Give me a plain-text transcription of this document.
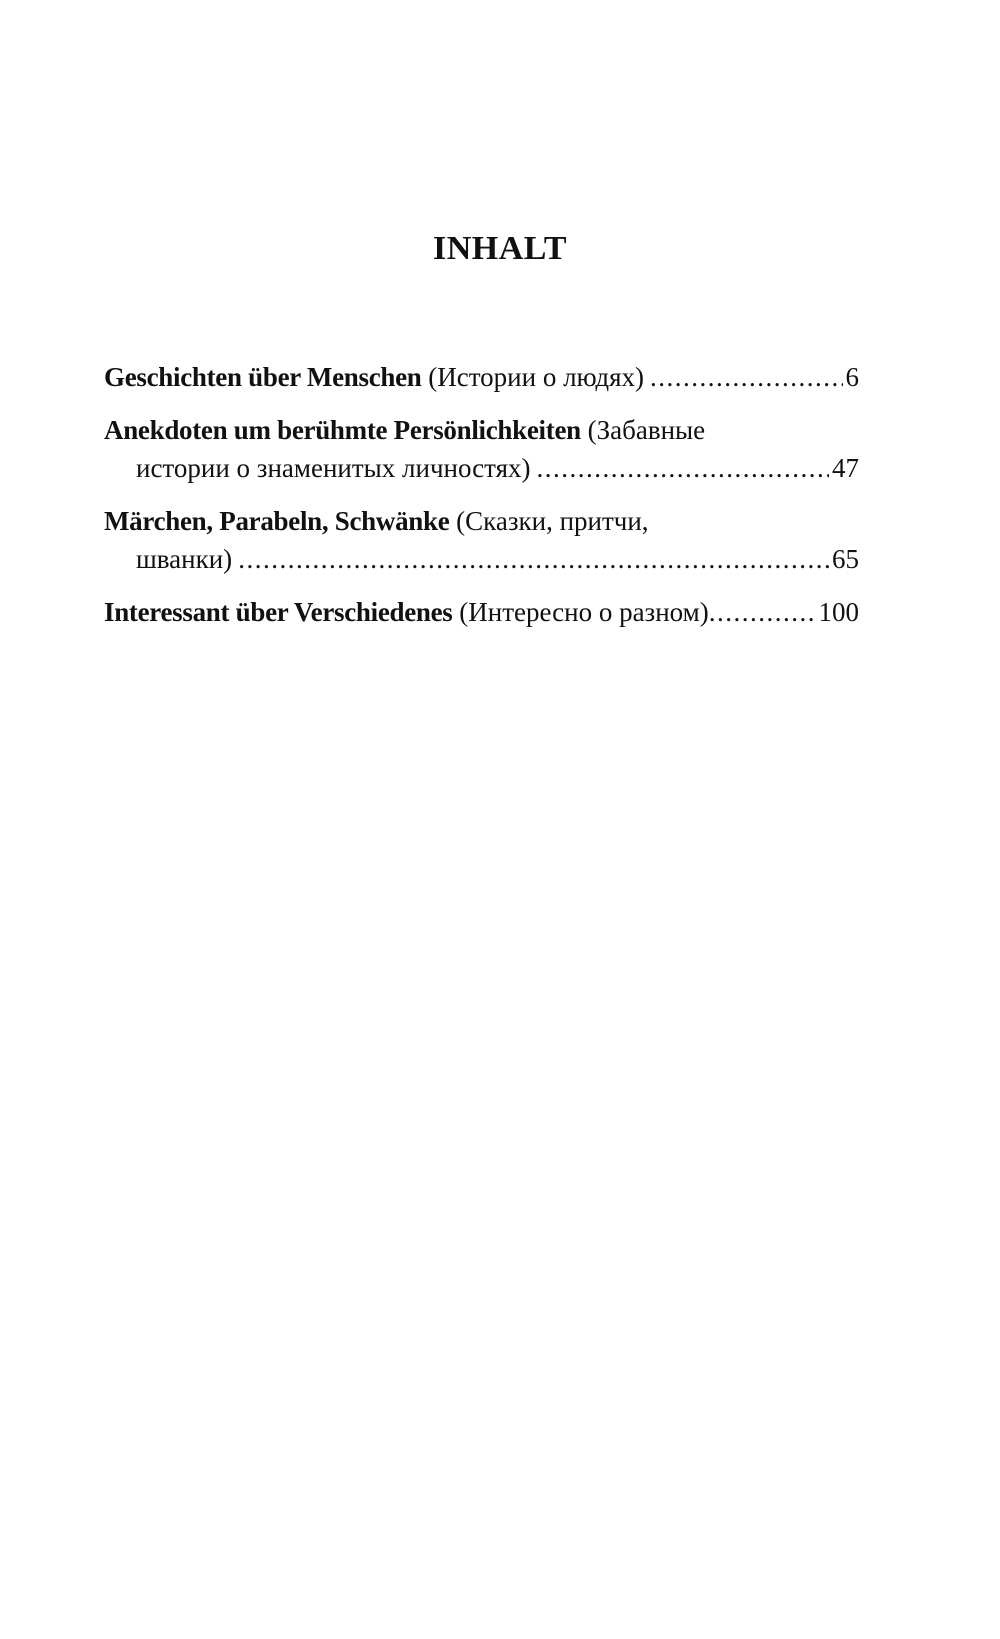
INHALT
Geschichten über Menschen
(Истории о людях) .....	6
Anekdoten um berühmte Persönlichkeiten
(Забавные
истории о знаменитых личностях) .....	47
Märchen, Parabeln, Schwänke
(Сказки, притчи,
шванки) .....	65
Interessant über Verschiedenes
(Интересно о разном) .....	100
